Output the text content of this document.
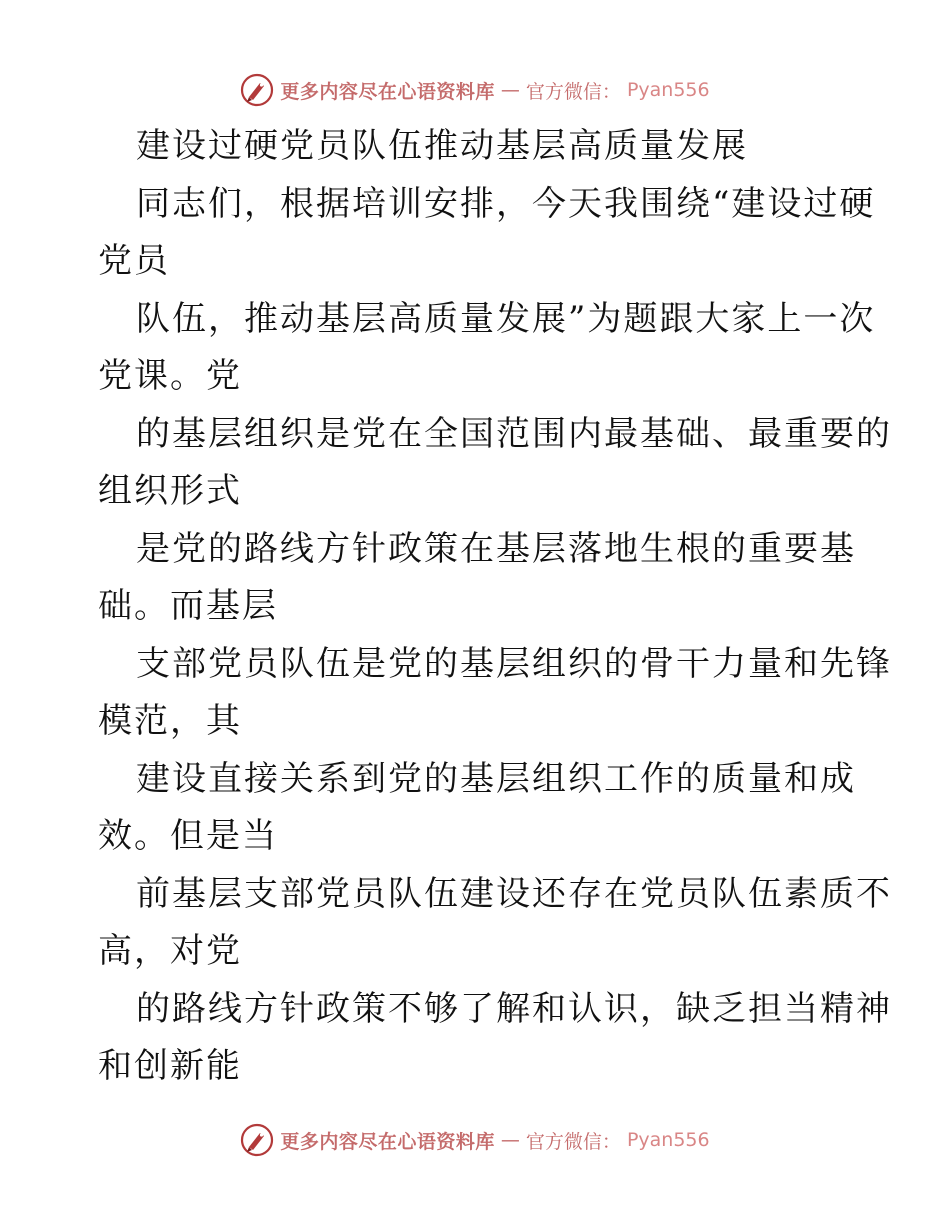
更多内容尽在心语资料库 — 官方微信： Pyan556
建设过硬党员队伍推动基层高质量发展
同志们，根据培训安排，今天我围绕“建设过硬
党员
队伍，推动基层高质量发展”为题跟大家上一次
党课。党
的基层组织是党在全国范围内最基础、最重要的
组织形式
是党的路线方针政策在基层落地生根的重要基
础。而基层
支部党员队伍是党的基层组织的骨干力量和先锋
模范，其
建设直接关系到党的基层组织工作的质量和成
效。但是当
前基层支部党员队伍建设还存在党员队伍素质不
高，对党
的路线方针政策不够了解和认识，缺乏担当精神
和创新能
更多内容尽在心语资料库 — 官方微信： Pyan556
